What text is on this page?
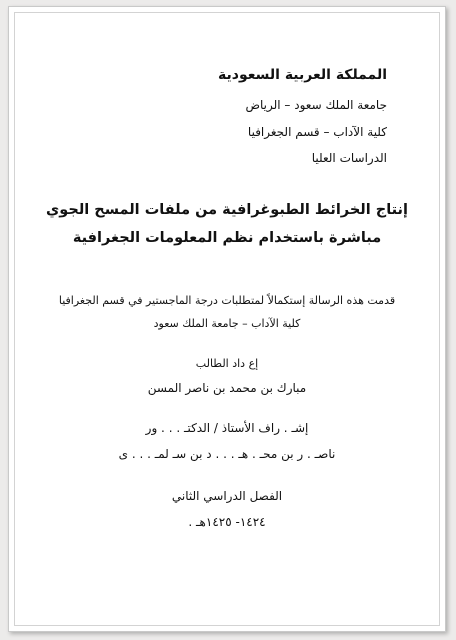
المملكة العربية السعودية
جامعة الملك سعود – الرياض
كلية الآداب – قسم الجغرافيا
الدراسات العليا
إنتاج الخرائط الطبوغرافية من ملفات المسح الجوي
مباشرة باستخدام نظم المعلومات الجغرافية
قدمت هذه الرسالة إستكمالاً لمتطلبات درجة الماجستير في قسم الجغرافيا
كلية الآداب – جامعة الملك سعود
إع داد الطالب
مبارك بن محمد بن ناصر المسن
إشـ . راف الأستاذ / الدكتـ . . . ور
ناصـ . ر بن محـ . هـ . . . د بن سـ لمـ . . . ى
الفصل الدراسي الثاني
١٤٢٤- ١٤٢٥هـ .
